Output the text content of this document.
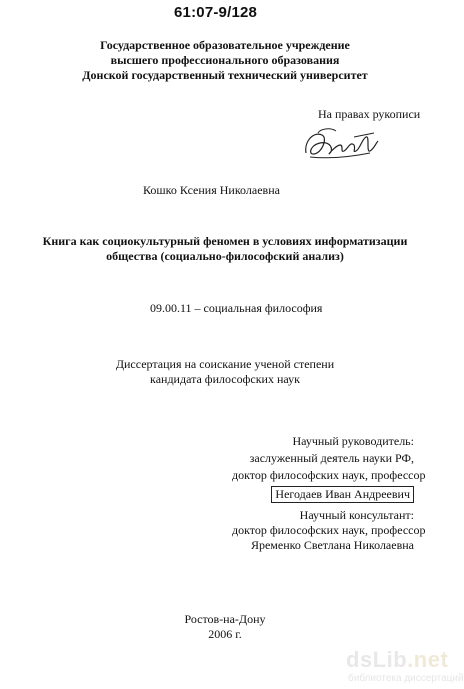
61:07-9/128
Государственное образовательное учреждение
высшего профессионального образования
Донской государственный технический университет
На правах рукописи
Кошко Ксения Николаевна
Книга как социокультурный феномен в условиях информатизации
общества (социально-философский анализ)
09.00.11 – социальная философия
Диссертация на соискание ученой степени
кандидата философских наук
Научный руководитель:
заслуженный деятель науки РФ,
доктор философских наук, профессор
Негодаев Иван Андреевич
Научный консультант:
доктор философских наук, профессор
Яременко Светлана Николаевна
Ростов-на-Дону
2006 г.
dsLib.net
библиотека диссертаций
